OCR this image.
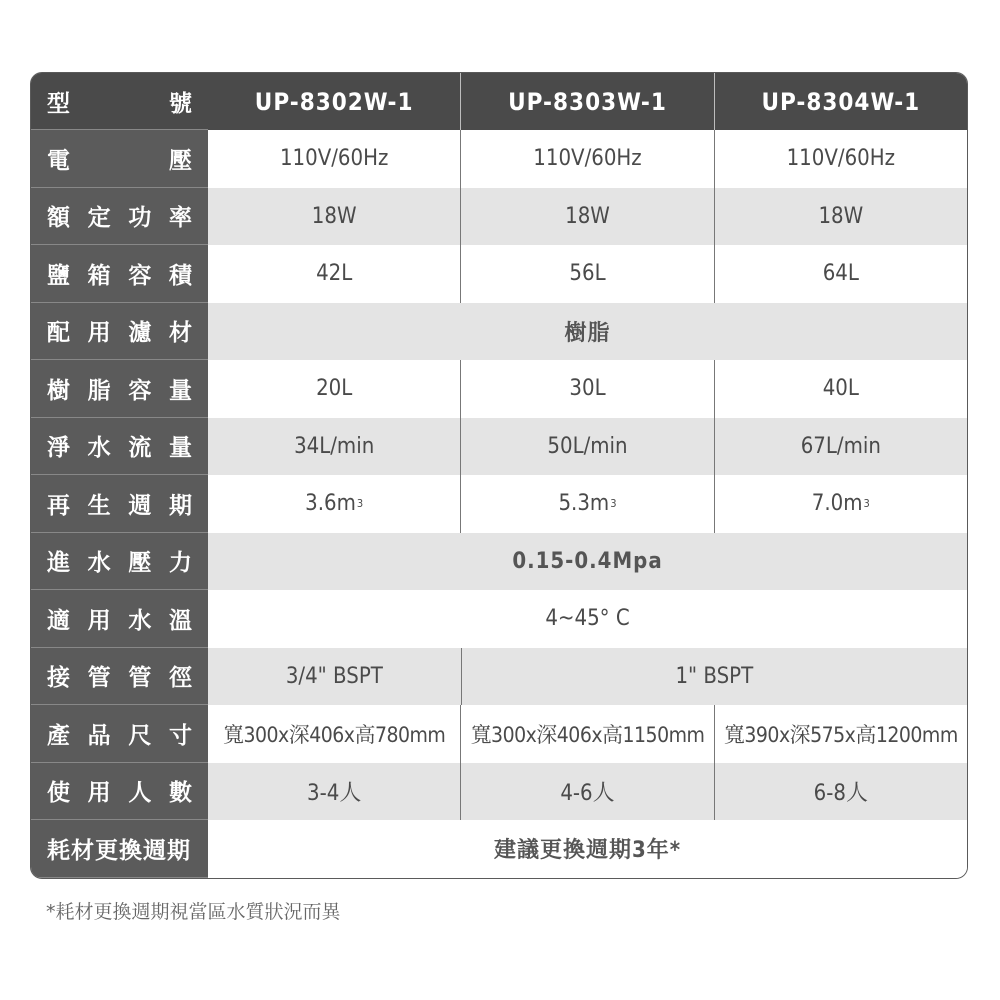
型	號	UP-8302W-1	UP-8303W-1	UP-8304W-1
電	壓	110V/60Hz	110V/60Hz	110V/60Hz
額 定 功 率	18W	18W	18W
鹽 箱 容 積	42L	56L	64L
配 用 濾 材	樹脂
樹 脂 容 量	20L	30L	40L
淨 水 流 量	34L/min	50L/min	67L/min
再 生 週 期	3.6m 3	5.3m 3	7.0m 3
進 水 壓 力	0.15-0.4Mpa
適 用 水 溫	4~45° C
接 管 管 徑	3/4" BSPT	1" BSPT
產 品 尺 寸	寬300x深406x高780mm	寬300x深406x高1150mm 寬390x深575x高1200mm
使 用 人 數	3-4人	4-6人	6-8人
耗材更換週期	建議更換週期3年*
*耗材更換週期視當區水質狀況而異
